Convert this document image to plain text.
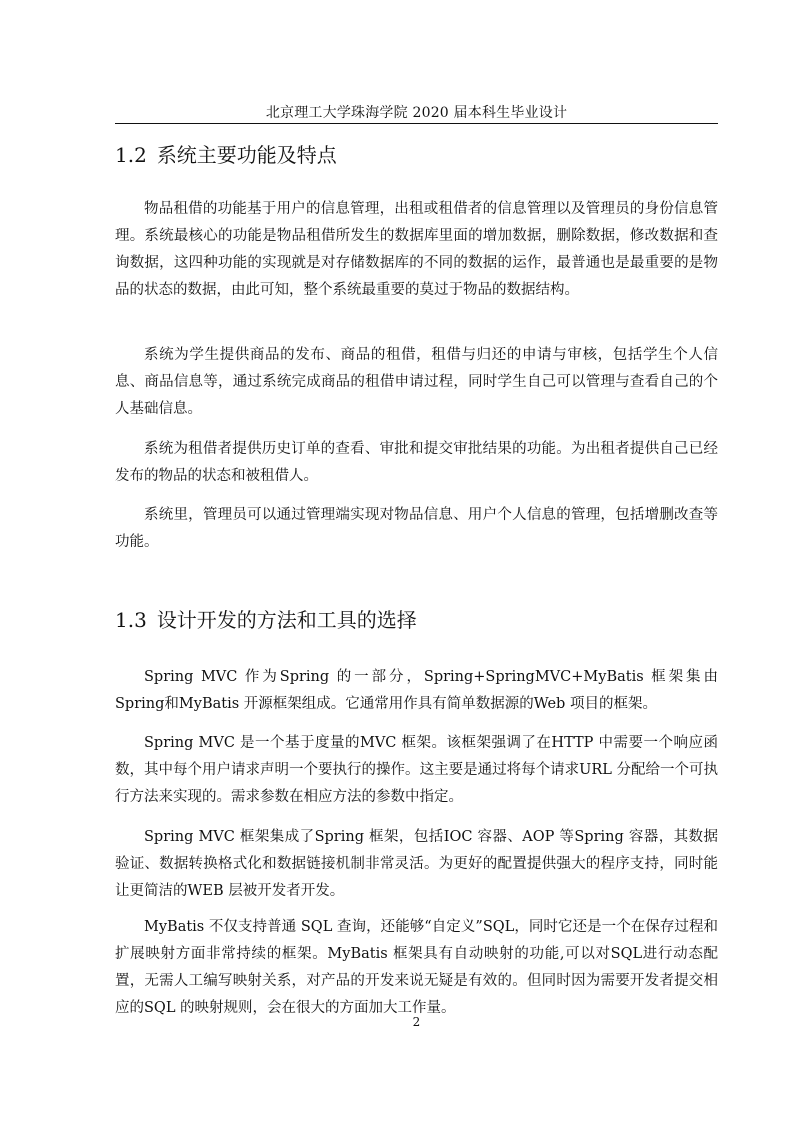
北京理工大学珠海学院 2020 届本科生毕业设计
1.2 系统主要功能及特点

物品租借的功能基于用户的信息管理，出租或租借者的信息管理以及管理员的身份信息管理。系统最核心的功能是物品租借所发生的数据库里面的增加数据，删除数据，修改数据和查询数据，这四种功能的实现就是对存储数据库的不同的数据的运作，最普通也是最重要的是物品的状态的数据，由此可知，整个系统最重要的莫过于物品的数据结构。

系统为学生提供商品的发布、商品的租借，租借与归还的申请与审核，包括学生个人信息、商品信息等，通过系统完成商品的租借申请过程，同时学生自己可以管理与查看自己的个人基础信息。

系统为租借者提供历史订单的查看、审批和提交审批结果的功能。为出租者提供自己已经发布的物品的状态和被租借人。

系统里，管理员可以通过管理端实现对物品信息、用户个人信息的管理，包括增删改查等功能。

1.3 设计开发的方法和工具的选择

Spring MVC 作为Spring 的一部分，Spring+SpringMVC+MyBatis 框架集由Spring和MyBatis 开源框架组成。它通常用作具有简单数据源的Web 项目的框架。

Spring MVC 是一个基于度量的MVC 框架。该框架强调了在HTTP 中需要一个响应函数，其中每个用户请求声明一个要执行的操作。这主要是通过将每个请求URL 分配给一个可执行方法来实现的。需求参数在相应方法的参数中指定。

Spring MVC 框架集成了Spring 框架，包括IOC 容器、AOP 等Spring 容器，其数据验证、数据转换格式化和数据链接机制非常灵活。为更好的配置提供强大的程序支持，同时能让更简洁的WEB 层被开发者开发。

MyBatis 不仅支持普通 SQL 查询，还能够“自定义”SQL，同时它还是一个在保存过程和扩展映射方面非常持续的框架。MyBatis 框架具有自动映射的功能,可以对SQL进行动态配置，无需人工编写映射关系，对产品的开发来说无疑是有效的。但同时因为需要开发者提交相应的SQL 的映射规则，会在很大的方面加大工作量。

2
